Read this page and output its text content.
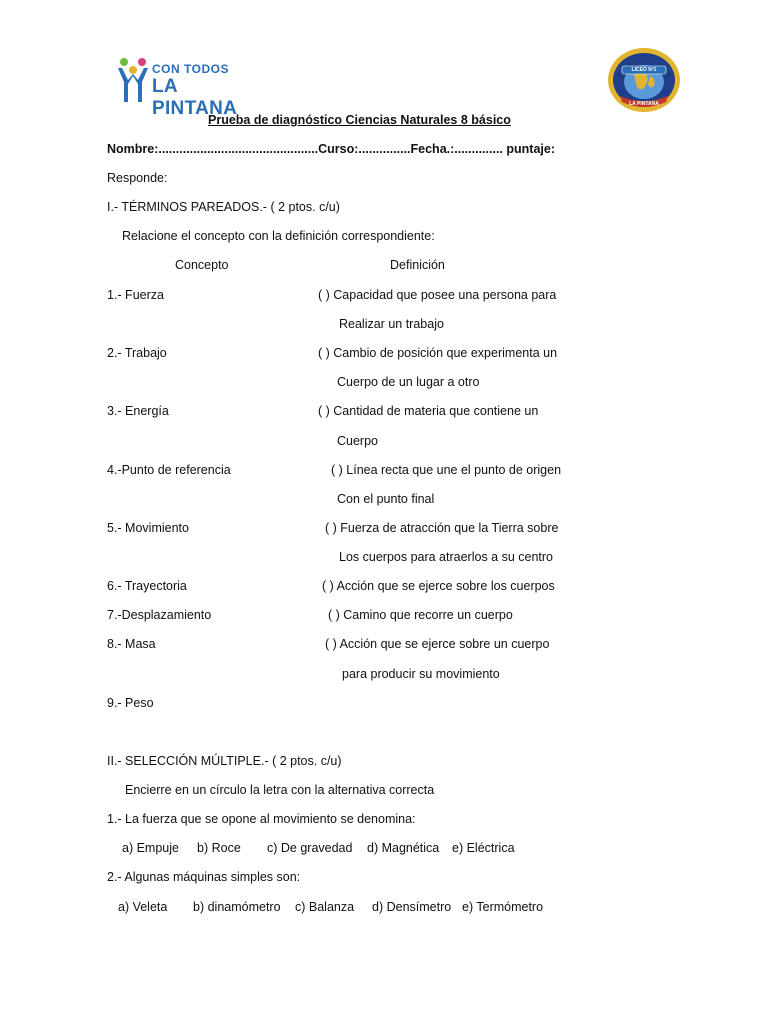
CON TODOS
LA PINTANA
LICEO Nº1
LA PINTANA
Prueba de diagnóstico Ciencias Naturales 8 básico
Nombre:..............................................Curso:...............Fecha.:.............. puntaje:
Responde:
I.- TÉRMINOS PAREADOS.- ( 2 ptos. c/u)
Relacione el concepto con la definición correspondiente:
Concepto	Definición
1.- Fuerza	( ) Capacidad que posee una persona para
Realizar un trabajo
2.- Trabajo	( ) Cambio de posición que experimenta un
Cuerpo de un lugar a otro
3.- Energía	( ) Cantidad de materia que contiene un
Cuerpo
4.-Punto de referencia	( ) Línea recta que une el punto de origen
Con el punto final
5.- Movimiento	( ) Fuerza de atracción que la Tierra sobre
Los cuerpos para atraerlos a su centro
6.- Trayectoria	( ) Acción que se ejerce sobre los cuerpos
7.-Desplazamiento	( ) Camino que recorre un cuerpo
8.- Masa	( ) Acción que se ejerce sobre un cuerpo
para producir su movimiento
9.- Peso
II.- SELECCIÓN MÚLTIPLE.- ( 2 ptos. c/u)
Encierre en un círculo la letra con la alternativa correcta
1.- La fuerza que se opone al movimiento se denomina:
a) Empuje b) Roce c) De gravedad d) Magnética e) Eléctrica
2.- Algunas máquinas simples son:
a) Veleta b) dinamómetro c) Balanza d) Densímetro e) Termómetro
